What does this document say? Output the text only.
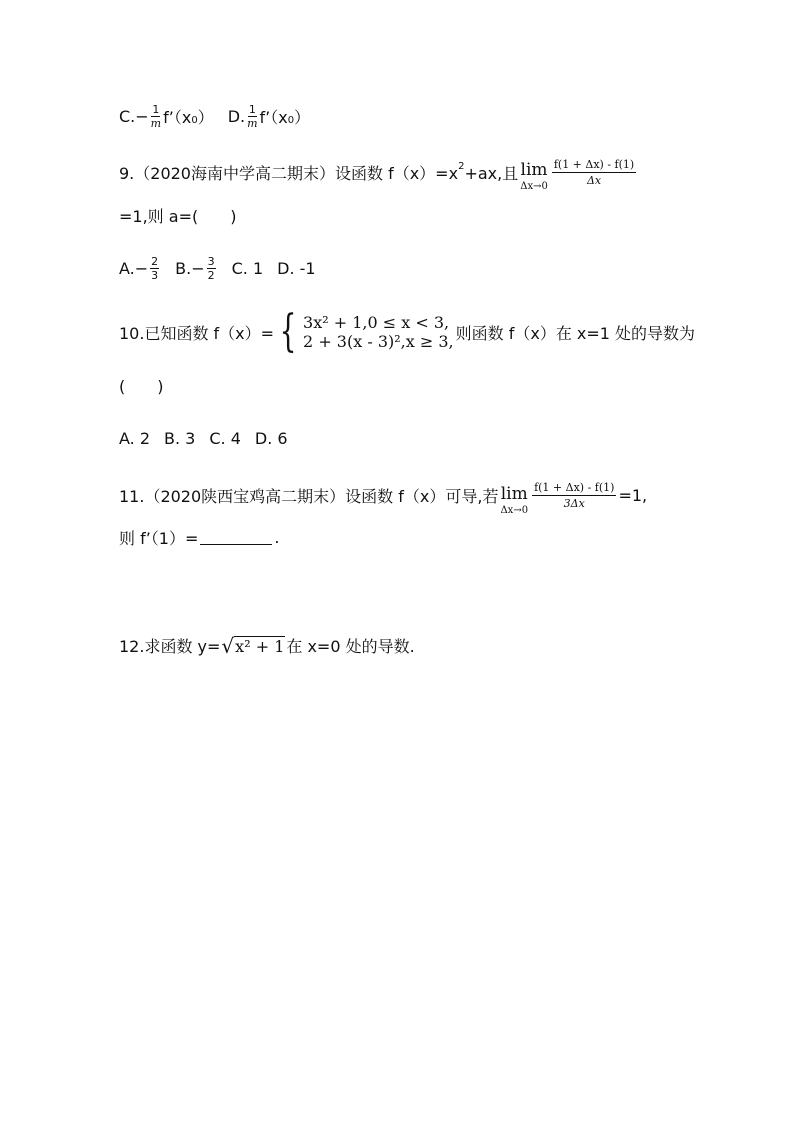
C. − $\frac{1}{m}$ f’（x 0 ） D. $\frac{1}{m}$ f’（x 0 ）
9.（2020海南中学高二期末）设函数 f（x）=x 2 +ax,且 lim
Δx→0
$\frac{f(1 + \Delta x) - f(1)}{\Delta x}$
=1,则 a=(　　)
A. − $\frac{2}{3} B$. − $\frac{3}{2} C$. 1 D. -1
10.已知函数 f（x）= { 3x² + 1,0 ≤ x < 3,
2 + 3(x - 3)²,x ≥ 3, 则函数 f（x）在 x=1 处的导数为
(　　)
A. 2 B. 3 C. 4 D. 6
11.（2020陕西宝鸡高二期末）设函数 f（x）可导,若 lim
Δx→0
$\frac{f(1 + \Delta x) - f(1)}{3\Delta x} =1$,
则 f’（1）=	.
12.求函数 y= √ x² + 1 在 x=0 处的导数.
